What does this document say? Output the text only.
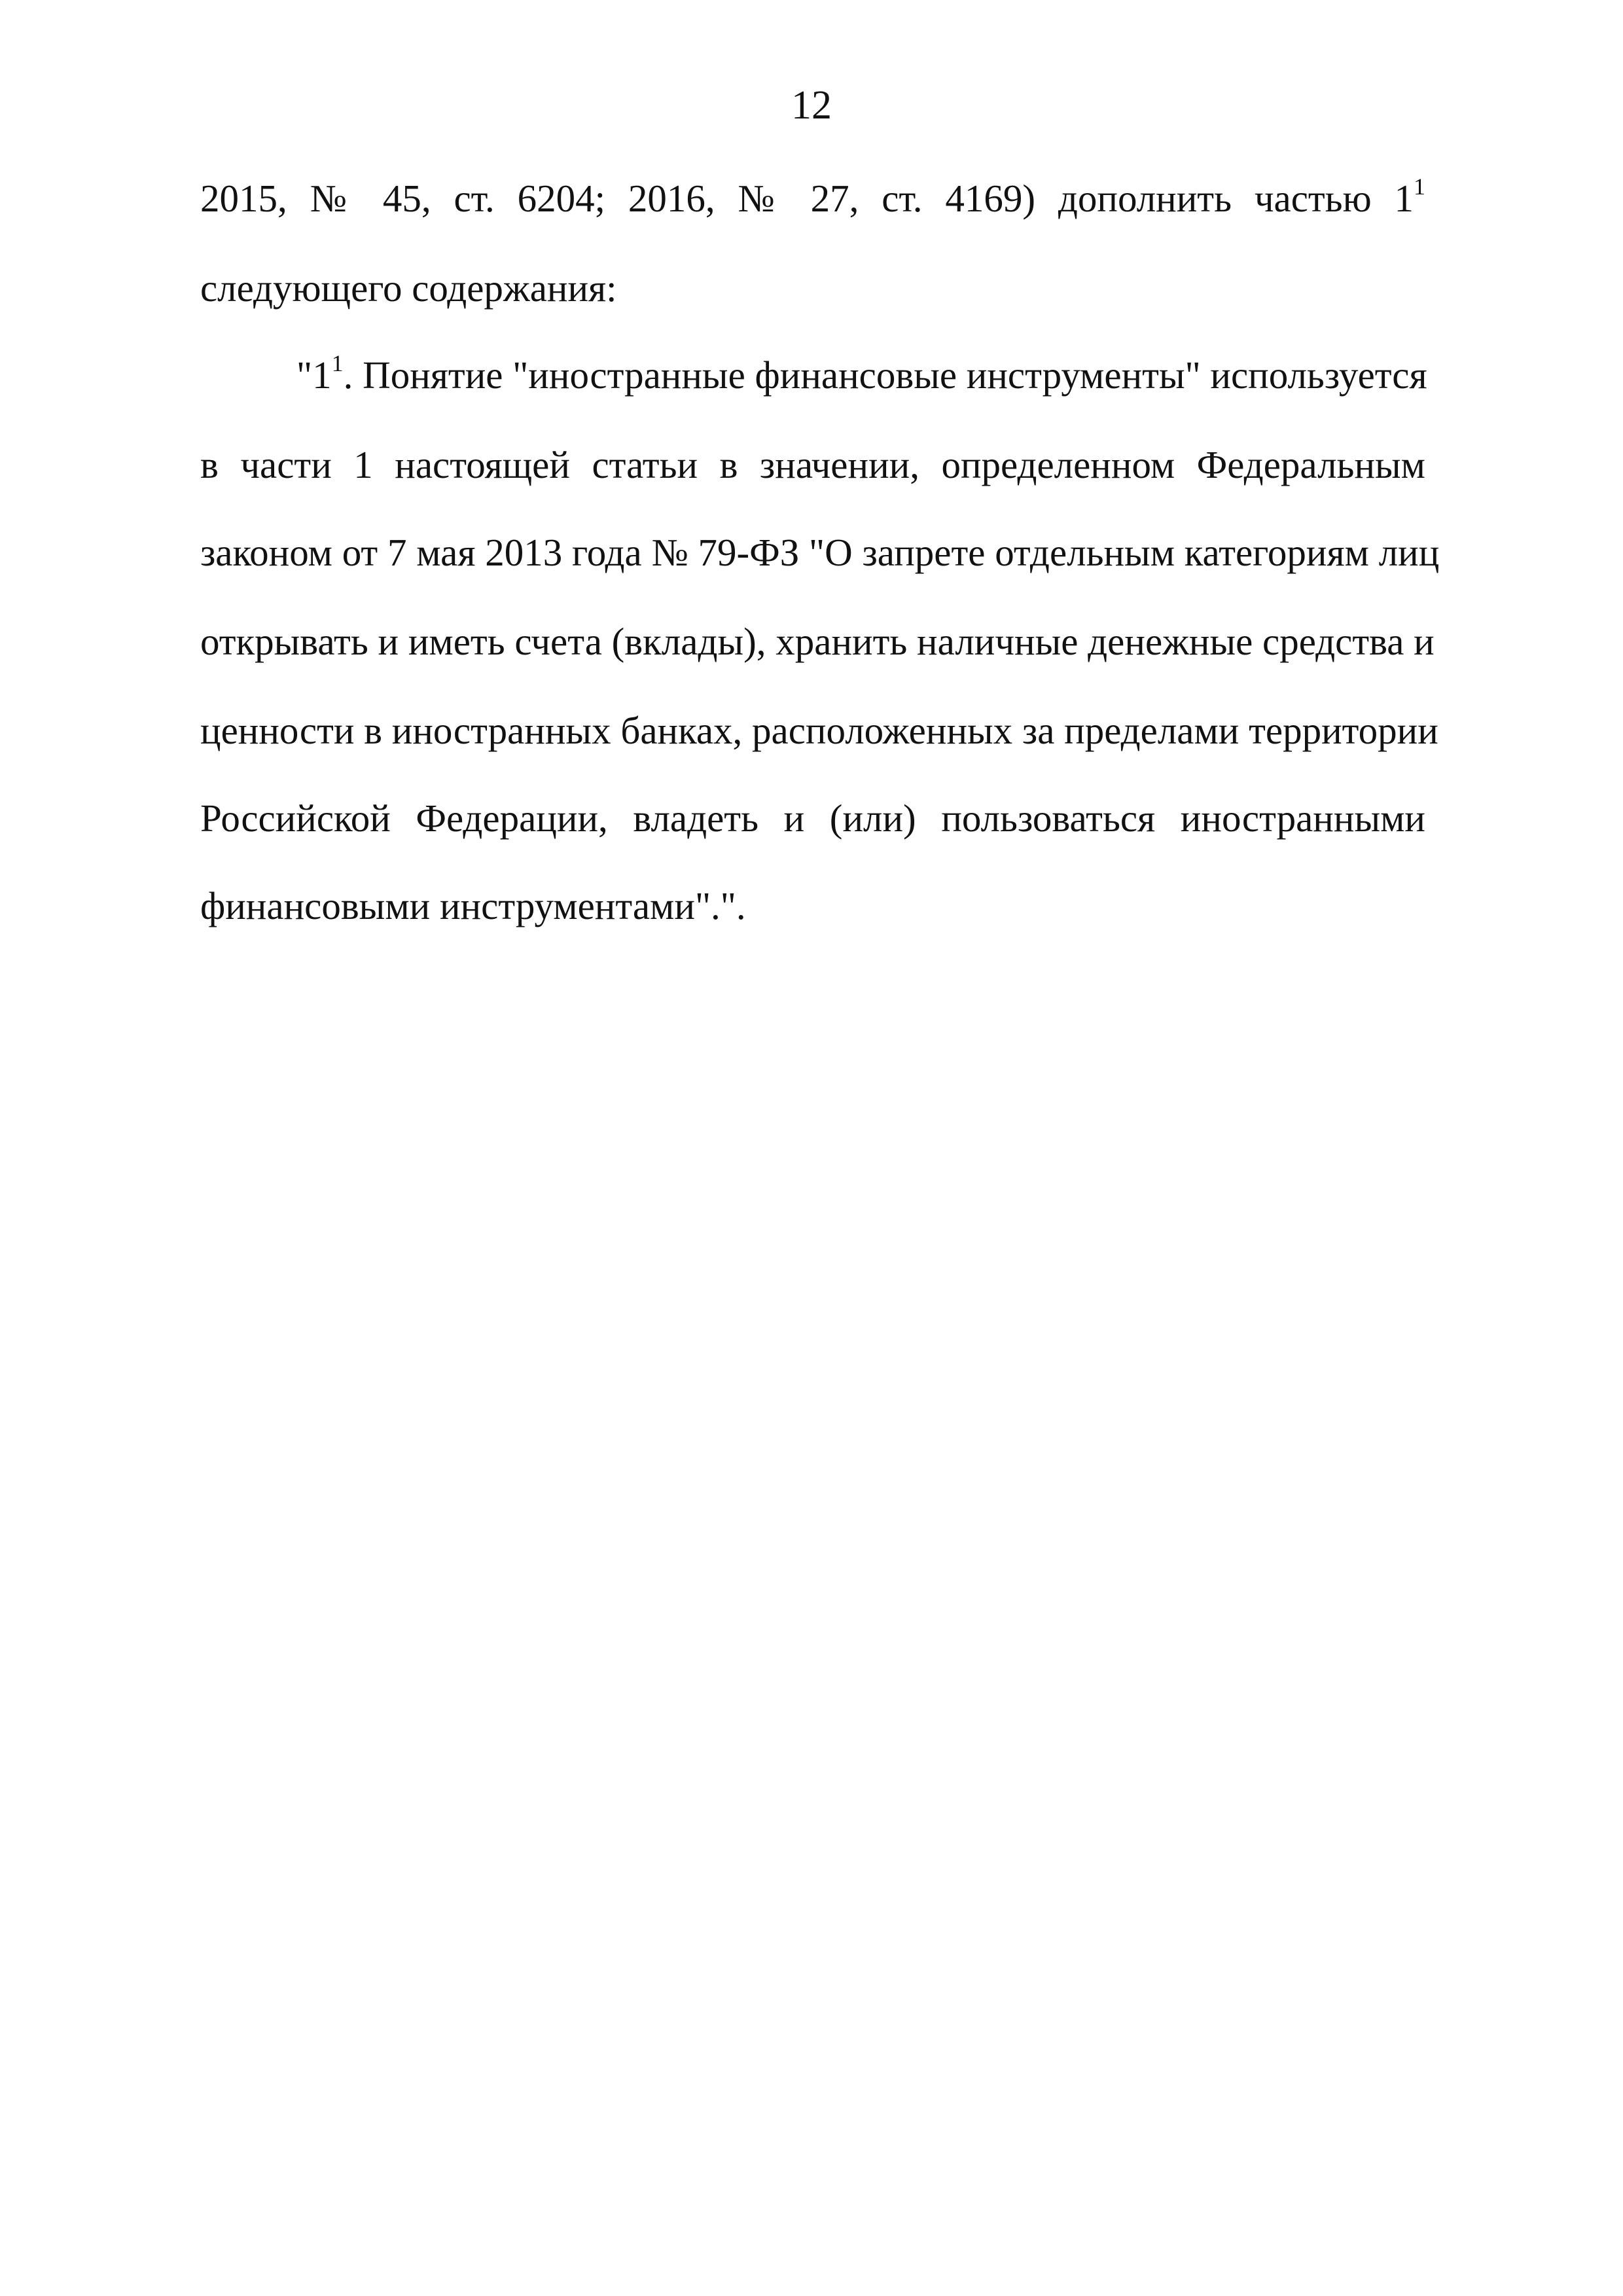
12
2015, № 45, ст. 6204; 2016, № 27, ст. 4169) дополнить частью $1^1$
следующего содержания:
"$1^1$. Понятие "иностранные финансовые инструменты" используется
в части 1 настоящей статьи в значении, определенном Федеральным
законом от 7 мая 2013 года № 79-ФЗ "О запрете отдельным категориям лиц
открывать и иметь счета (вклады), хранить наличные денежные средства и
ценности в иностранных банках, расположенных за пределами территории
Российской Федерации, владеть и (или) пользоваться иностранными
финансовыми инструментами".".
